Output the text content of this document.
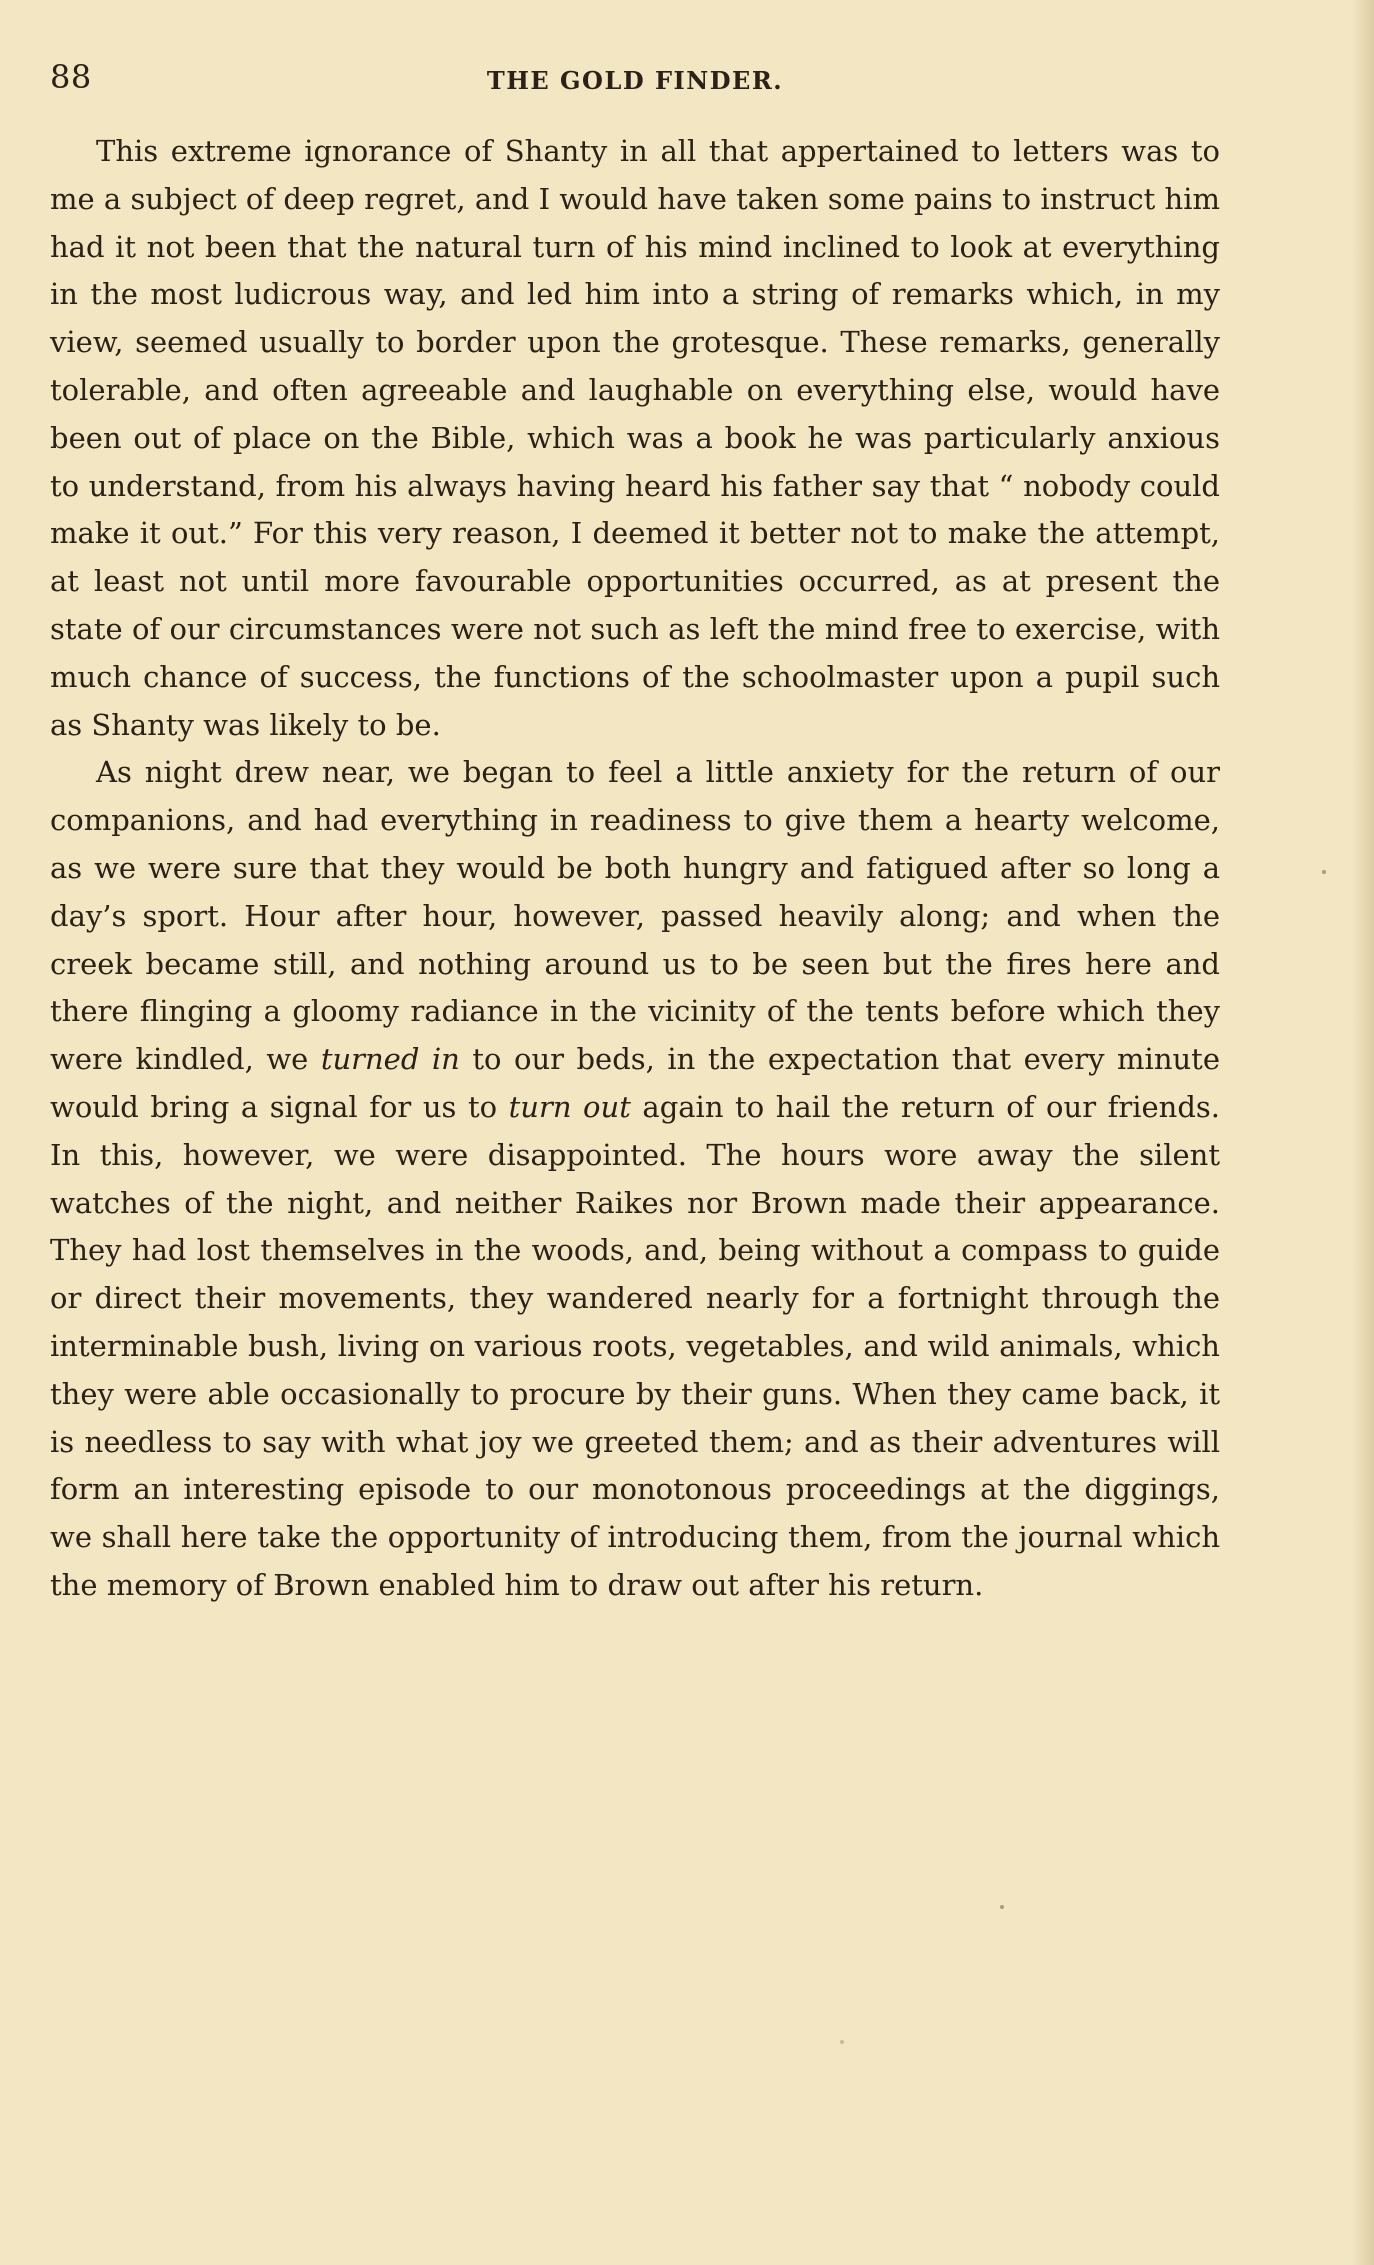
88	THE GOLD FINDER.

This extreme ignorance of Shanty in all that appertained to letters was to me a subject of deep regret, and I would have taken some pains to instruct him had it not been that the natural turn of his mind inclined to look at everything in the most ludicrous way, and led him into a string of remarks which, in my view, seemed usually to border upon the grotesque. These remarks, generally tolerable, and often agreeable and laughable on everything else, would have been out of place on the Bible, which was a book he was particularly anxious to understand, from his always having heard his father say that “ nobody could make it out.” For this very reason, I deemed it better not to make the attempt, at least not until more favourable opportunities occurred, as at present the state of our circumstances were not such as left the mind free to exercise, with much chance of success, the functions of the schoolmaster upon a pupil such as Shanty was likely to be.

As night drew near, we began to feel a little anxiety for the return of our companions, and had everything in readiness to give them a hearty welcome, as we were sure that they would be both hungry and fatigued after so long a day’s sport. Hour after hour, however, passed heavily along; and when the creek became still, and nothing around us to be seen but the fires here and there flinging a gloomy radiance in the vicinity of the tents before which they were kindled, we turned in to our beds, in the expectation that every minute would bring a signal for us to turn out again to hail the return of our friends. In this, however, we were disappointed. The hours wore away the silent watches of the night, and neither Raikes nor Brown made their appearance. They had lost themselves in the woods, and, being without a compass to guide or direct their movements, they wandered nearly for a fortnight through the interminable bush, living on various roots, vegetables, and wild animals, which they were able occasionally to procure by their guns. When they came back, it is needless to say with what joy we greeted them; and as their adventures will form an interesting episode to our monotonous proceedings at the diggings, we shall here take the opportunity of introducing them, from the journal which the memory of Brown enabled him to draw out after his return.
